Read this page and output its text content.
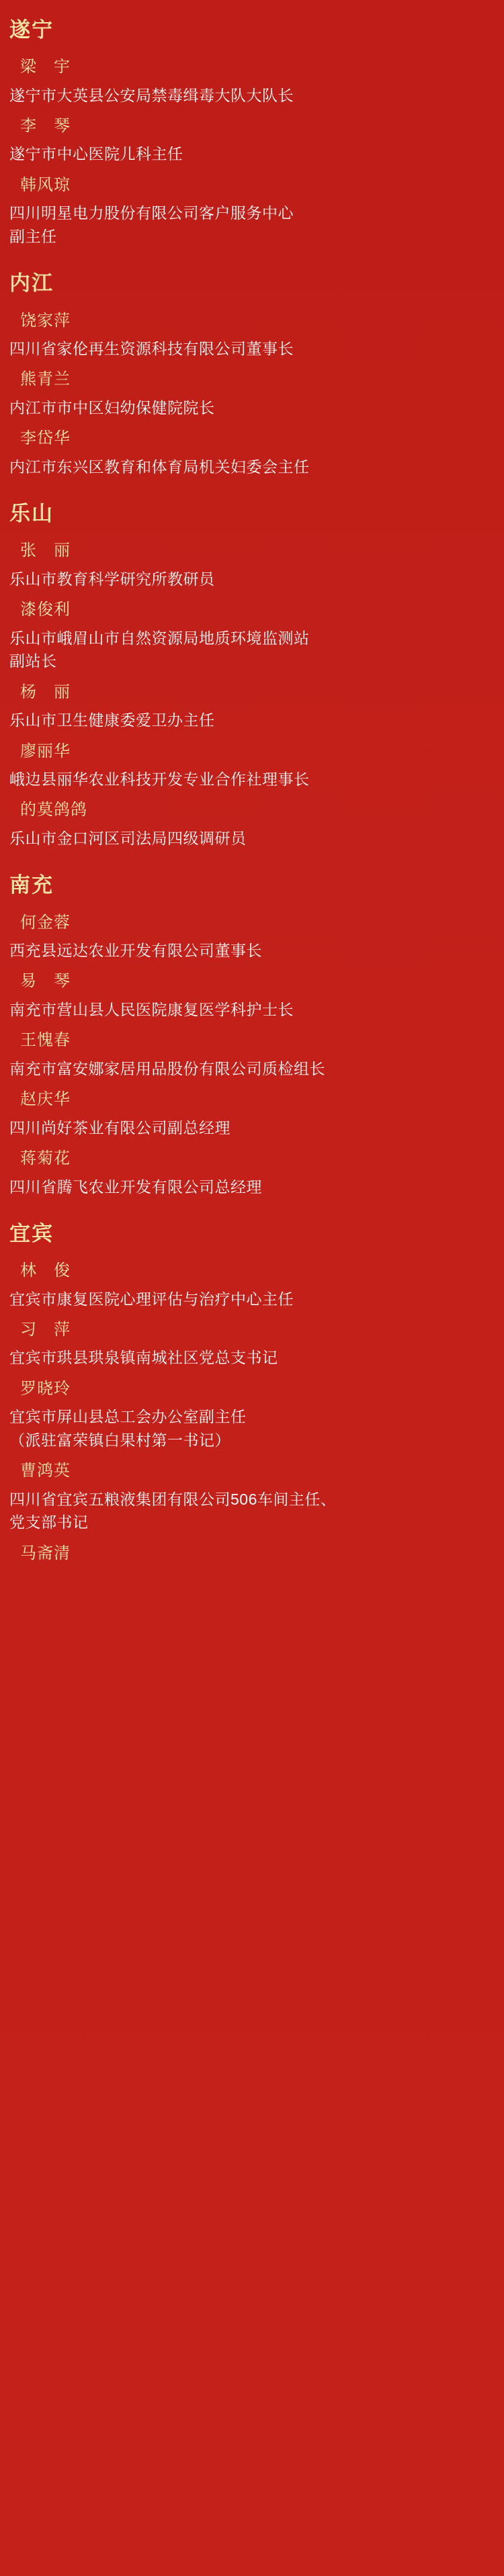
遂宁
梁　宇
遂宁市大英县公安局禁毒缉毒大队大队长
李　琴
遂宁市中心医院儿科主任
韩风琼
四川明星电力股份有限公司客户服务中心
副主任
内江
饶家萍
四川省家伦再生资源科技有限公司董事长
熊青兰
内江市市中区妇幼保健院院长
李岱华
内江市东兴区教育和体育局机关妇委会主任
乐山
张　丽
乐山市教育科学研究所教研员
漆俊利
乐山市峨眉山市自然资源局地质环境监测站
副站长
杨　丽
乐山市卫生健康委爱卫办主任
廖丽华
峨边县丽华农业科技开发专业合作社理事长
的莫鸽鸽
乐山市金口河区司法局四级调研员
南充
何金蓉
西充县远达农业开发有限公司董事长
易　琴
南充市营山县人民医院康复医学科护士长
王愧春
南充市富安娜家居用品股份有限公司质检组长
赵庆华
四川尚好茶业有限公司副总经理
蒋菊花
四川省腾飞农业开发有限公司总经理
宜宾
林　俊
宜宾市康复医院心理评估与治疗中心主任
习　萍
宜宾市珙县珙泉镇南城社区党总支书记
罗晓玲
宜宾市屏山县总工会办公室副主任
（派驻富荣镇白果村第一书记）
曹鸿英
四川省宜宾五粮液集团有限公司506车间主任、
党支部书记
马斋清
